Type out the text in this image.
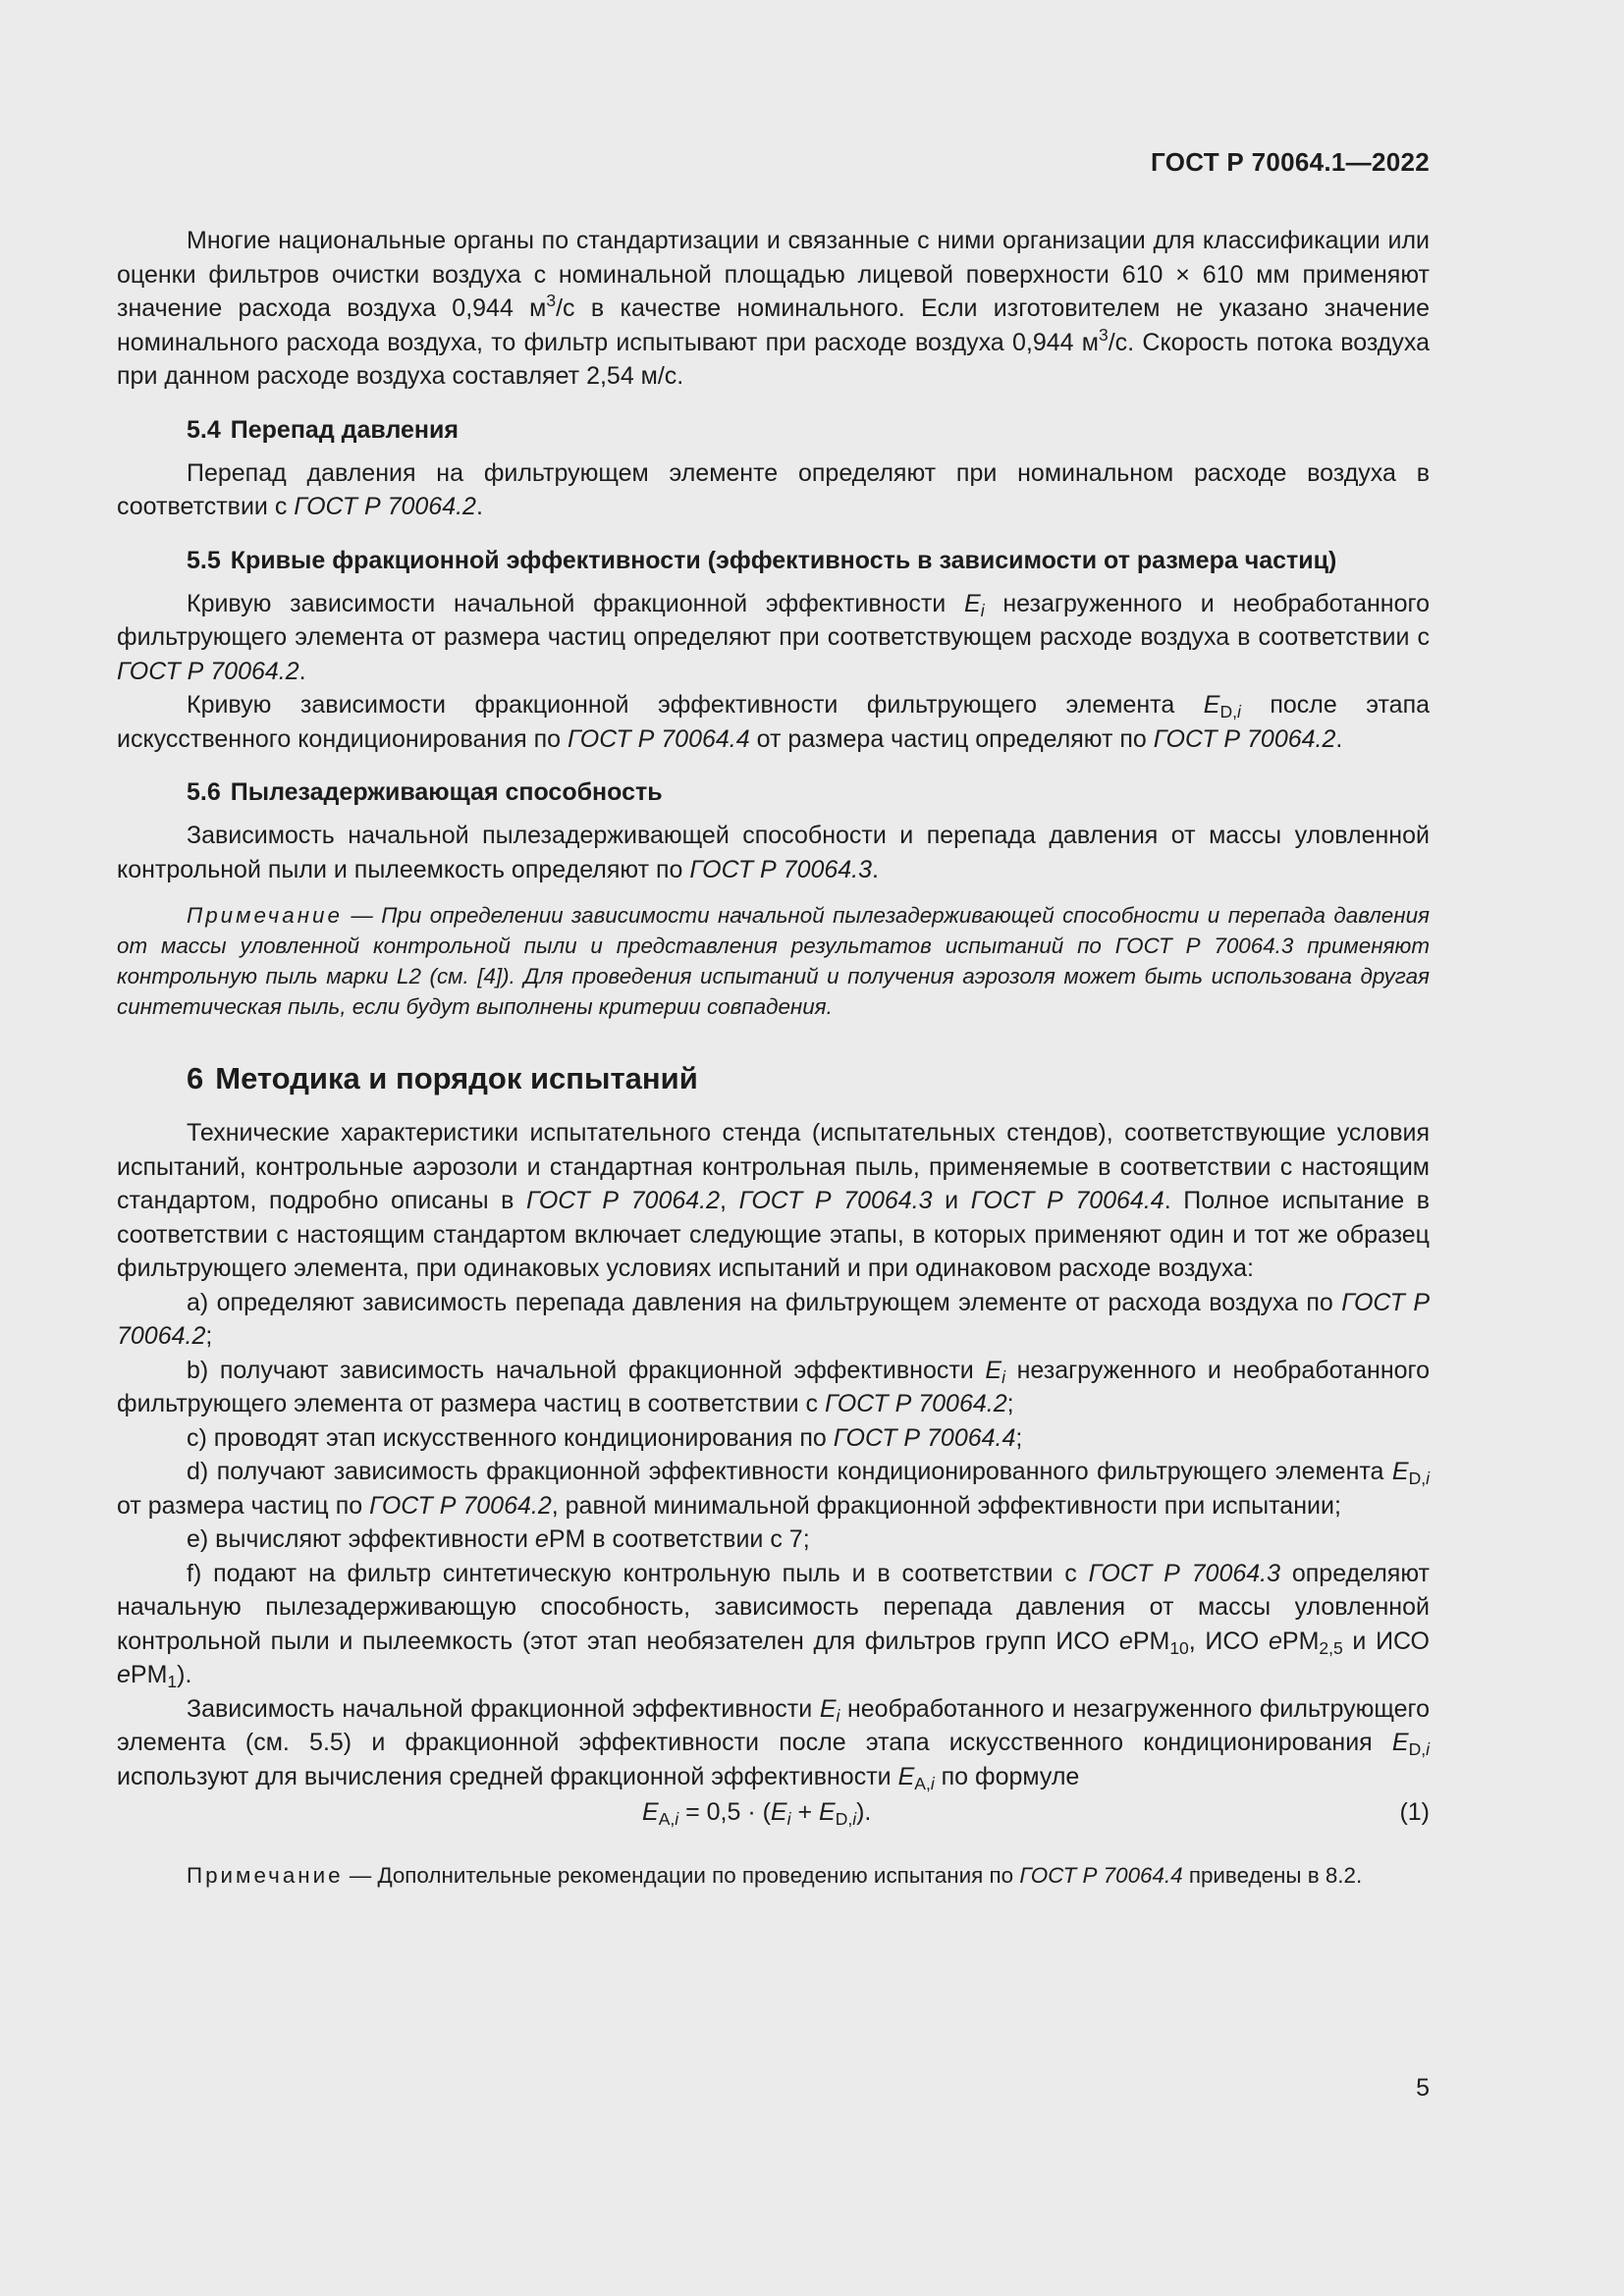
ГОСТ Р 70064.1—2022

Многие национальные органы по стандартизации и связанные с ними организации для классификации или оценки фильтров очистки воздуха с номинальной площадью лицевой поверхности 610 × 610 мм применяют значение расхода воздуха 0,944 $м^3/с$ в качестве номинального. Если изготовителем не указано значение номинального расхода воздуха, то фильтр испытывают при расходе воздуха 0,944 $м^3/с$. Скорость потока воздуха при данном расходе воздуха составляет 2,54 м/с.

5.4 Перепад давления

Перепад давления на фильтрующем элементе определяют при номинальном расходе воздуха в соответствии с ГОСТ Р 70064.2.

5.5 Кривые фракционной эффективности (эффективность в зависимости от размера частиц)

Кривую зависимости начальной фракционной эффективности $E_i$ незагруженного и необработанного фильтрующего элемента от размера частиц определяют при соответствующем расходе воздуха в соответствии с ГОСТ Р 70064.2.

Кривую зависимости фракционной эффективности фильтрующего элемента $E_{D,i}$ после этапа искусственного кондиционирования по ГОСТ Р 70064.4 от размера частиц определяют по ГОСТ Р 70064.2.

5.6 Пылезадерживающая способность

Зависимость начальной пылезадерживающей способности и перепада давления от массы уловленной контрольной пыли и пылеемкость определяют по ГОСТ Р 70064.3.

Примечание — При определении зависимости начальной пылезадерживающей способности и перепада давления от массы уловленной контрольной пыли и представления результатов испытаний по ГОСТ Р 70064.3 применяют контрольную пыль марки L2 (см. [4]). Для проведения испытаний и получения аэрозоля может быть использована другая синтетическая пыль, если будут выполнены критерии совпадения.

6 Методика и порядок испытаний

Технические характеристики испытательного стенда (испытательных стендов), соответствующие условия испытаний, контрольные аэрозоли и стандартная контрольная пыль, применяемые в соответствии с настоящим стандартом, подробно описаны в ГОСТ Р 70064.2, ГОСТ Р 70064.3 и ГОСТ Р 70064.4. Полное испытание в соответствии с настоящим стандартом включает следующие этапы, в которых применяют один и тот же образец фильтрующего элемента, при одинаковых условиях испытаний и при одинаковом расходе воздуха:

a) определяют зависимость перепада давления на фильтрующем элементе от расхода воздуха по ГОСТ Р 70064.2;

b) получают зависимость начальной фракционной эффективности $E_i$ незагруженного и необработанного фильтрующего элемента от размера частиц в соответствии с ГОСТ Р 70064.2;

c) проводят этап искусственного кондиционирования по ГОСТ Р 70064.4;

d) получают зависимость фракционной эффективности кондиционированного фильтрующего элемента $E_{D,i}$ от размера частиц по ГОСТ Р 70064.2, равной минимальной фракционной эффективности при испытании;

e) вычисляют эффективности ePM в соответствии с 7;

f) подают на фильтр синтетическую контрольную пыль и в соответствии с ГОСТ Р 70064.3 определяют начальную пылезадерживающую способность, зависимость перепада давления от массы уловленной контрольной пыли и пылеемкость (этот этап необязателен для фильтров групп ИСО ePM$_{10}$, ИСО ePM$_{2,5}$ и ИСО ePM$_1$).

Зависимость начальной фракционной эффективности $E_i$ необработанного и незагруженного фильтрующего элемента (см. 5.5) и фракционной эффективности после этапа искусственного кондиционирования $E_{D,i}$ используют для вычисления средней фракционной эффективности $E_{A,i}$ по формуле

$E_{A,i} = 0,5 \cdot (E_i + E_{D,i})$.	(1)

Примечание — Дополнительные рекомендации по проведению испытания по ГОСТ Р 70064.4 приведены в 8.2.

5
